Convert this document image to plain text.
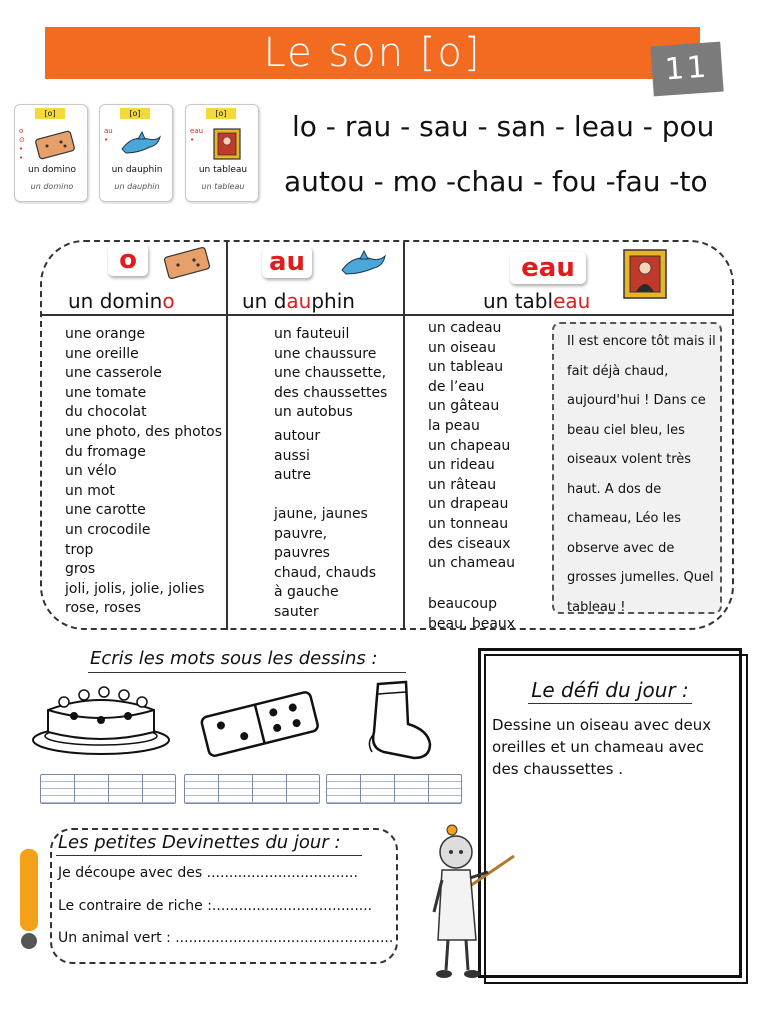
Le son [o]	11
[o]
o
⊙
•
•
un domino
un domino
[o]
au
•
un dauphin
un dauphin
[o]
eau
•
un tableau
un tableau
lo - rau - sau - san - leau - pou
autou - mo -chau - fou -fau -to
o
un domino
au
un dauphin
eau
un tableau
une orange
une oreille
une casserole
une tomate
du chocolat
une photo, des photos
du fromage
un vélo
un mot
une carotte
un crocodile
trop
gros
joli, jolis, jolie, jolies
rose, roses
un fauteuil
une chaussure
une chaussette,
des chaussettes
un autobus
autour
aussi
autre
jaune, jaunes
pauvre,
pauvres
chaud, chauds
à gauche
sauter
un cadeau
un oiseau
un tableau
de l’eau
un gâteau
la peau
un chapeau
un rideau
un râteau
un drapeau
un tonneau
des ciseaux
un chameau
beaucoup
beau, beaux
Il est encore tôt mais il fait déjà chaud, aujourd'hui ! Dans ce beau ciel bleu, les oiseaux volent très haut. A dos de chameau, Léo les observe avec de grosses jumelles. Quel tableau !
Ecris les mots sous les dessins :
Les petites Devinettes du jour :
Je découpe avec des ..................................
Le contraire de riche :....................................
Un animal vert : .................................................
Le défi du jour :
Dessine un oiseau avec deux oreilles et un chameau avec des chaussettes .
